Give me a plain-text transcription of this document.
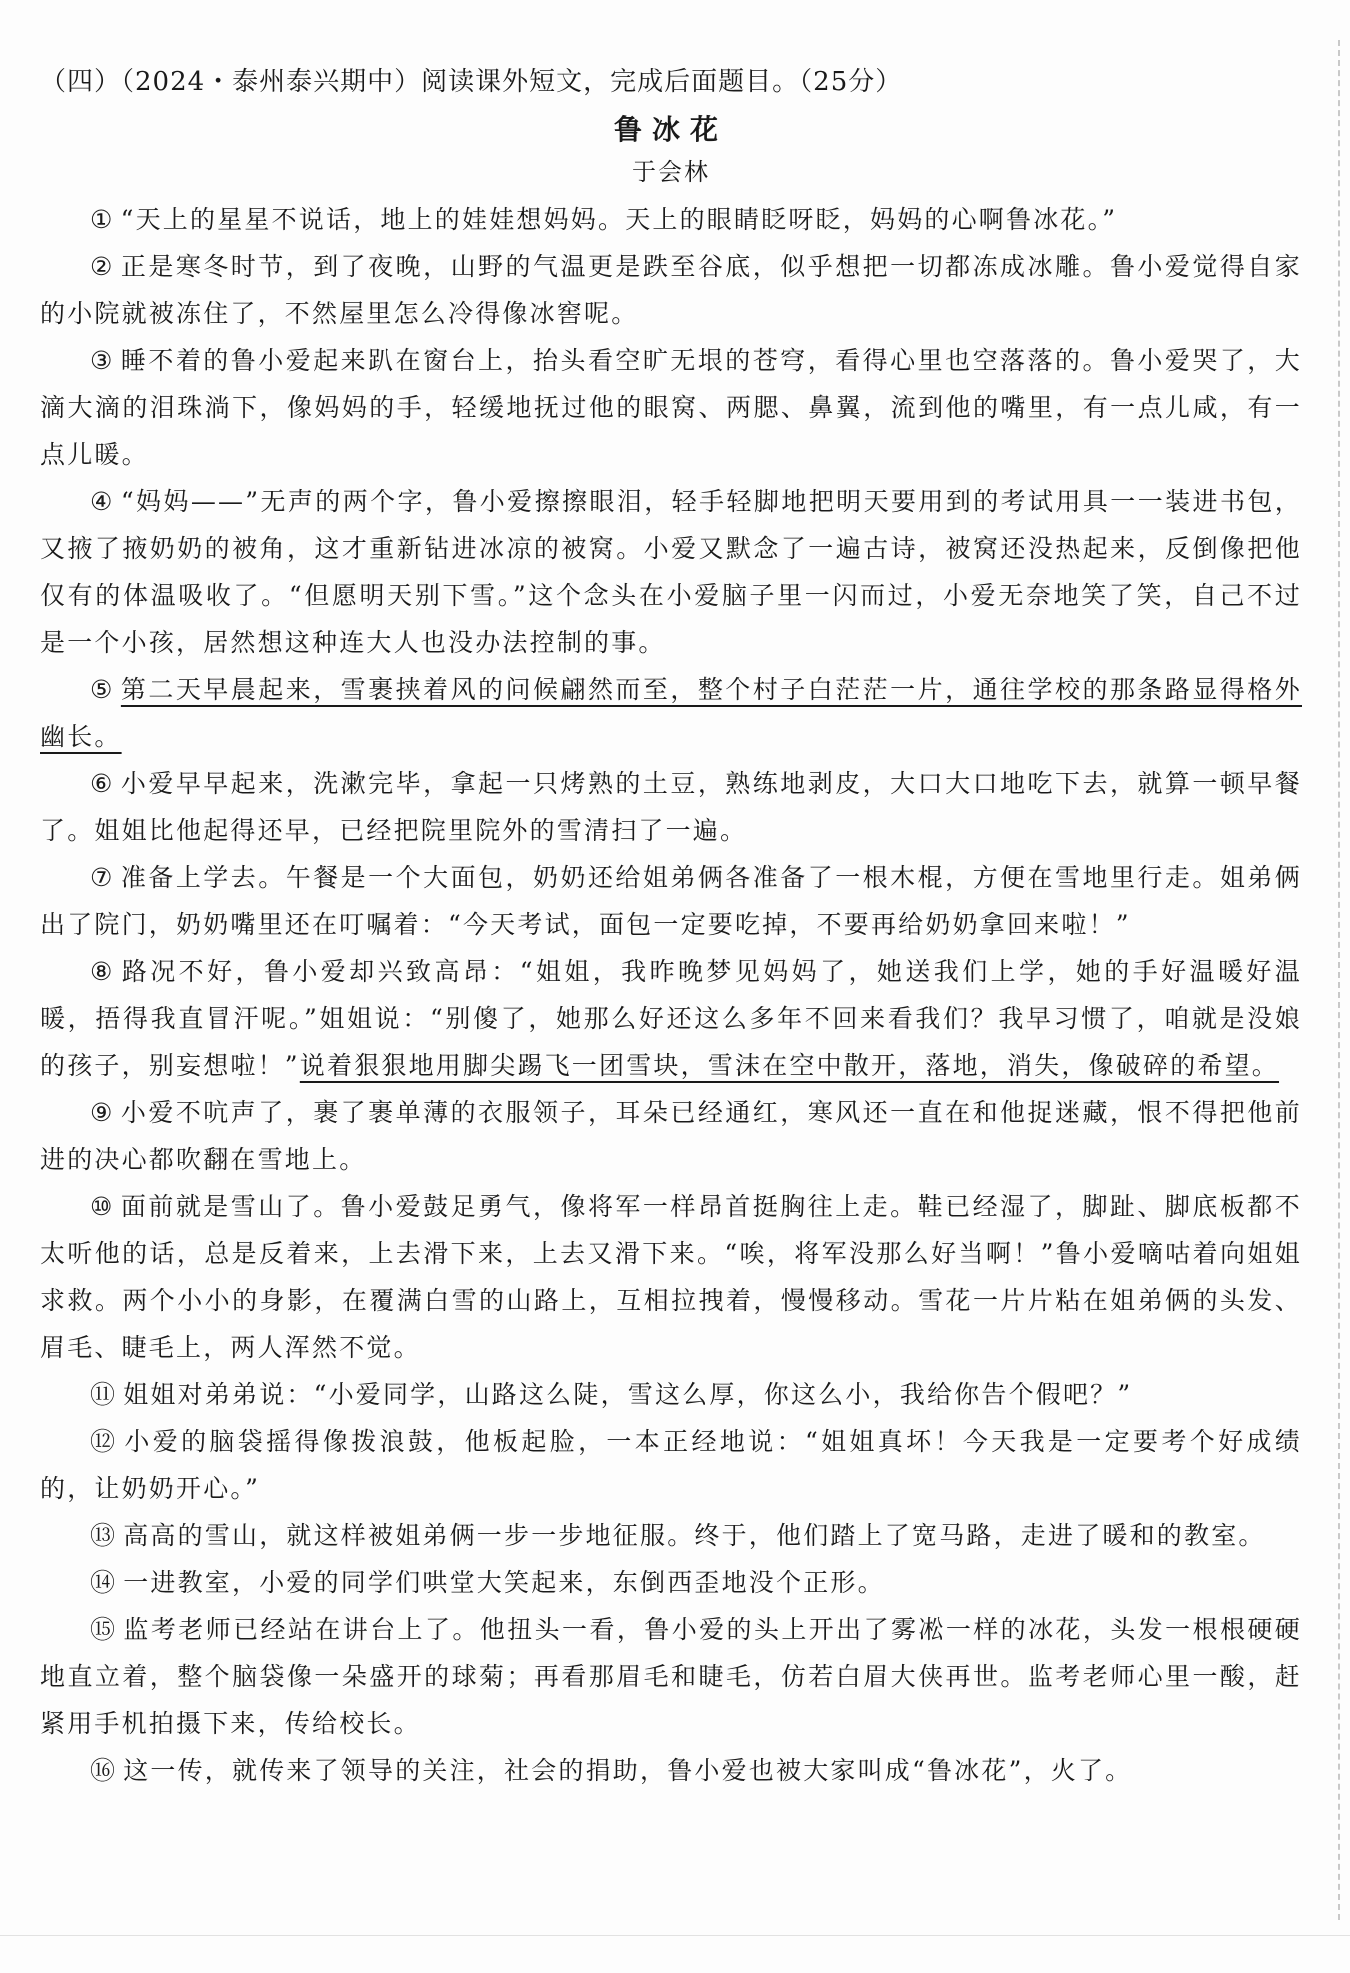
（四）（2024・泰州泰兴期中）阅读课外短文，完成后面题目。（25分）

鲁冰花

于会林

① “天上的星星不说话，地上的娃娃想妈妈。天上的眼睛眨呀眨，妈妈的心啊鲁冰花。”

② 正是寒冬时节，到了夜晚，山野的气温更是跌至谷底，似乎想把一切都冻成冰雕。鲁小爱觉得自家的小院就被冻住了，不然屋里怎么冷得像冰窖呢。

③ 睡不着的鲁小爱起来趴在窗台上，抬头看空旷无垠的苍穹，看得心里也空落落的。鲁小爱哭了，大滴大滴的泪珠淌下，像妈妈的手，轻缓地抚过他的眼窝、两腮、鼻翼，流到他的嘴里，有一点儿咸，有一点儿暖。

④ “妈妈——”无声的两个字，鲁小爱擦擦眼泪，轻手轻脚地把明天要用到的考试用具一一装进书包，又掖了掖奶奶的被角，这才重新钻进冰凉的被窝。小爱又默念了一遍古诗，被窝还没热起来，反倒像把他仅有的体温吸收了。“但愿明天别下雪。”这个念头在小爱脑子里一闪而过，小爱无奈地笑了笑，自己不过是一个小孩，居然想这种连大人也没办法控制的事。

⑤ 第二天早晨起来，雪裹挟着风的问候翩然而至，整个村子白茫茫一片，通往学校的那条路显得格外幽长。

⑥ 小爱早早起来，洗漱完毕，拿起一只烤熟的土豆，熟练地剥皮，大口大口地吃下去，就算一顿早餐了。姐姐比他起得还早，已经把院里院外的雪清扫了一遍。

⑦ 准备上学去。午餐是一个大面包，奶奶还给姐弟俩各准备了一根木棍，方便在雪地里行走。姐弟俩出了院门，奶奶嘴里还在叮嘱着：“今天考试，面包一定要吃掉，不要再给奶奶拿回来啦！”

⑧ 路况不好，鲁小爱却兴致高昂：“姐姐，我昨晚梦见妈妈了，她送我们上学，她的手好温暖好温暖，捂得我直冒汗呢。”姐姐说：“别傻了，她那么好还这么多年不回来看我们？我早习惯了，咱就是没娘的孩子，别妄想啦！”说着狠狠地用脚尖踢飞一团雪块，雪沫在空中散开，落地，消失，像破碎的希望。

⑨ 小爱不吭声了，裹了裹单薄的衣服领子，耳朵已经通红，寒风还一直在和他捉迷藏，恨不得把他前进的决心都吹翻在雪地上。

⑩ 面前就是雪山了。鲁小爱鼓足勇气，像将军一样昂首挺胸往上走。鞋已经湿了，脚趾、脚底板都不太听他的话，总是反着来，上去滑下来，上去又滑下来。“唉，将军没那么好当啊！”鲁小爱嘀咕着向姐姐求救。两个小小的身影，在覆满白雪的山路上，互相拉拽着，慢慢移动。雪花一片片粘在姐弟俩的头发、眉毛、睫毛上，两人浑然不觉。

⑪ 姐姐对弟弟说：“小爱同学，山路这么陡，雪这么厚，你这么小，我给你告个假吧？”

⑫ 小爱的脑袋摇得像拨浪鼓，他板起脸，一本正经地说：“姐姐真坏！今天我是一定要考个好成绩的，让奶奶开心。”

⑬ 高高的雪山，就这样被姐弟俩一步一步地征服。终于，他们踏上了宽马路，走进了暖和的教室。

⑭ 一进教室，小爱的同学们哄堂大笑起来，东倒西歪地没个正形。

⑮ 监考老师已经站在讲台上了。他扭头一看，鲁小爱的头上开出了雾凇一样的冰花，头发一根根硬硬地直立着，整个脑袋像一朵盛开的球菊；再看那眉毛和睫毛，仿若白眉大侠再世。监考老师心里一酸，赶紧用手机拍摄下来，传给校长。

⑯ 这一传，就传来了领导的关注，社会的捐助，鲁小爱也被大家叫成“鲁冰花”，火了。
